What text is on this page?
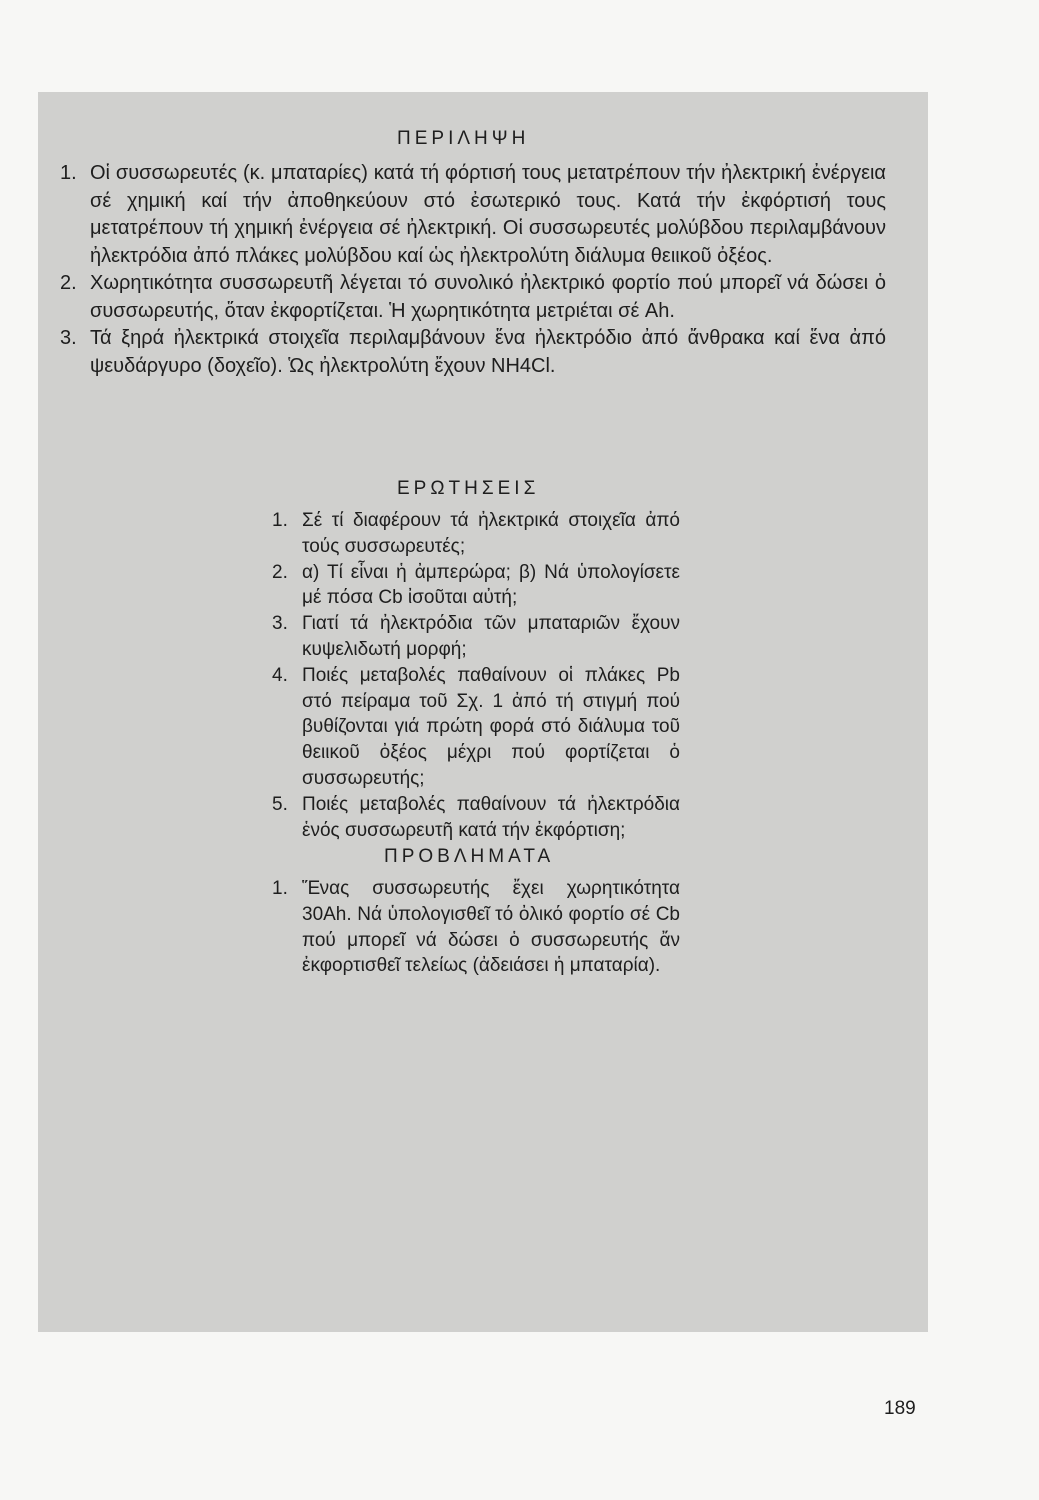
ΠΕΡΙΛΗΨΗ
1. Οἱ συσσωρευτές (κ. μπαταρίες) κατά τή φόρτισή τους μετατρέπουν τήν ἠλεκτρική ἐνέργεια σέ χημική καί τήν ἀποθηκεύουν στό ἐσωτερικό τους. Κατά τήν ἐκφόρτισή τους μετατρέπουν τή χημική ἐνέργεια σέ ἠλεκτρική. Οἱ συσσωρευτές μολύβδου περιλαμβάνουν ἠλεκτρόδια ἀπό πλάκες μολύβδου καί ὡς ἠλεκτρολύτη διάλυμα θειικοῦ ὀξέος.
2. Χωρητικότητα συσσωρευτῆ λέγεται τό συνολικό ἠλεκτρικό φορτίο πού μπορεῖ νά δώσει ὁ συσσωρευτής, ὅταν ἐκφορτίζεται. Ἡ χωρητικότητα μετριέται σέ Ah.
3. Τά ξηρά ἠλεκτρικά στοιχεῖα περιλαμβάνουν ἕνα ἠλεκτρόδιο ἀπό ἄνθρακα καί ἕνα ἀπό ψευδάργυρο (δοχεῖο). Ὡς ἠλεκτρολύτη ἔχουν NH4Cl.
ΕΡΩΤΗΣΕΙΣ
1. Σέ τί διαφέρουν τά ἠλεκτρικά στοιχεῖα ἀπό τούς συσσωρευτές;
2. α) Τί εἶναι ἡ ἀμπερώρα; β) Νά ὑπολογίσετε μέ πόσα Cb ἰσοῦται αὐτή;
3. Γιατί τά ἠλεκτρόδια τῶν μπαταριῶν ἔχουν κυψελιδωτή μορφή;
4. Ποιές μεταβολές παθαίνουν οἱ πλάκες Pb στό πείραμα τοῦ Σχ. 1 ἀπό τή στιγμή πού βυθίζονται γιά πρώτη φορά στό διάλυμα τοῦ θειικοῦ ὀξέος μέχρι πού φορτίζεται ὁ συσσωρευτής;
5. Ποιές μεταβολές παθαίνουν τά ἠλεκτρόδια ἑνός συσσωρευτῆ κατά τήν ἐκφόρτιση;
ΠΡΟΒΛΗΜΑΤΑ
1. Ἕνας συσσωρευτής ἔχει χωρητικότητα 30Ah. Νά ὑπολογισθεῖ τό ὀλικό φορτίο σέ Cb πού μπορεῖ νά δώσει ὁ συσσωρευτής ἄν ἐκφορτισθεῖ τελείως (ἀδειάσει ἡ μπαταρία).
189
